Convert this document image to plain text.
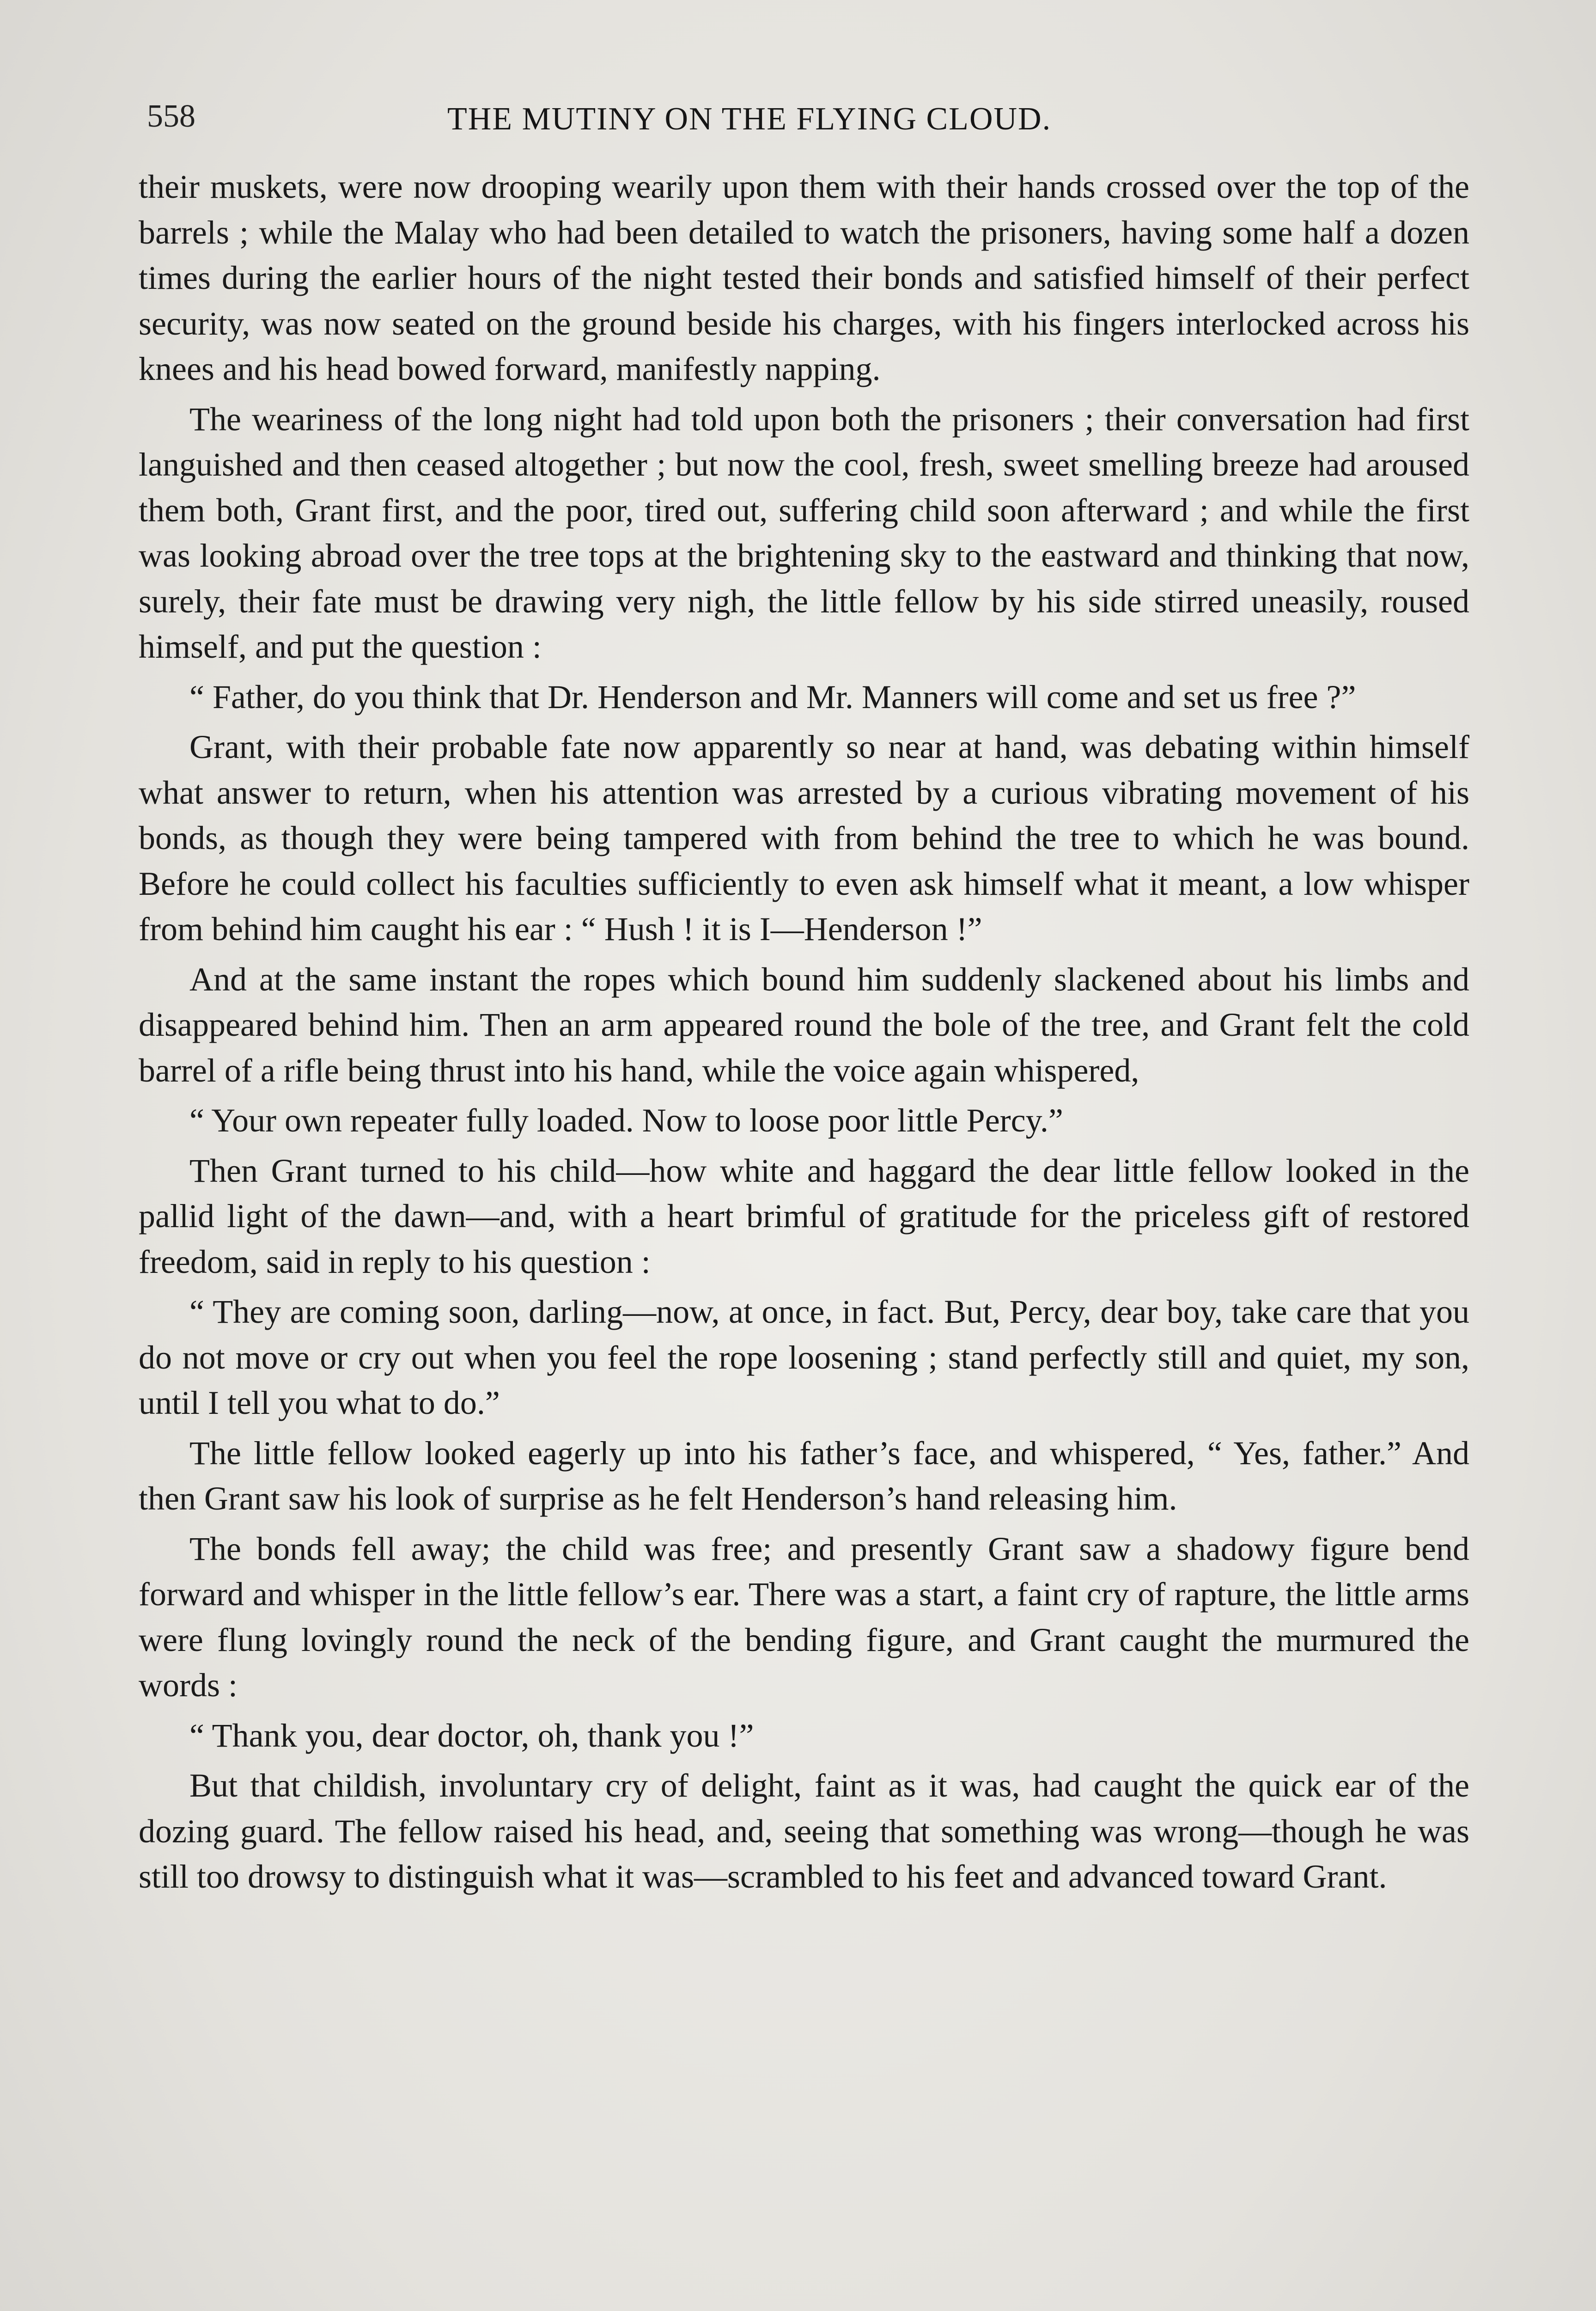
558	THE MUTINY ON THE FLYING CLOUD.

their muskets, were now drooping wearily upon them with their hands crossed over the top of the barrels ; while the Malay who had been detailed to watch the prisoners, having some half a dozen times during the earlier hours of the night tested their bonds and satisfied himself of their perfect security, was now seated on the ground beside his charges, with his fingers interlocked across his knees and his head bowed forward, manifestly napping.

The weariness of the long night had told upon both the prisoners ; their conversation had first languished and then ceased altogether ; but now the cool, fresh, sweet smelling breeze had aroused them both, Grant first, and the poor, tired out, suffering child soon afterward ; and while the first was looking abroad over the tree tops at the brightening sky to the eastward and thinking that now, surely, their fate must be drawing very nigh, the little fellow by his side stirred uneasily, roused himself, and put the question :

“ Father, do you think that Dr. Henderson and Mr. Manners will come and set us free ?”

Grant, with their probable fate now apparently so near at hand, was debating within himself what answer to return, when his attention was arrested by a curious vibrating movement of his bonds, as though they were being tampered with from behind the tree to which he was bound. Before he could collect his faculties sufficiently to even ask himself what it meant, a low whisper from behind him caught his ear : “ Hush ! it is I—Henderson !”

And at the same instant the ropes which bound him suddenly slackened about his limbs and disappeared behind him. Then an arm appeared round the bole of the tree, and Grant felt the cold barrel of a rifle being thrust into his hand, while the voice again whispered,

“ Your own repeater fully loaded. Now to loose poor little Percy.”

Then Grant turned to his child—how white and haggard the dear little fellow looked in the pallid light of the dawn—and, with a heart brimful of gratitude for the priceless gift of restored freedom, said in reply to his question :

“ They are coming soon, darling—now, at once, in fact. But, Percy, dear boy, take care that you do not move or cry out when you feel the rope loosening ; stand perfectly still and quiet, my son, until I tell you what to do.”

The little fellow looked eagerly up into his father’s face, and whispered, “ Yes, father.” And then Grant saw his look of surprise as he felt Henderson’s hand releasing him.

The bonds fell away; the child was free; and presently Grant saw a shadowy figure bend forward and whisper in the little fellow’s ear. There was a start, a faint cry of rapture, the little arms were flung lovingly round the neck of the bending figure, and Grant caught the murmured the words :

“ Thank you, dear doctor, oh, thank you !”

But that childish, involuntary cry of delight, faint as it was, had caught the quick ear of the dozing guard. The fellow raised his head, and, seeing that something was wrong—though he was still too drowsy to distinguish what it was—scrambled to his feet and advanced toward Grant.
